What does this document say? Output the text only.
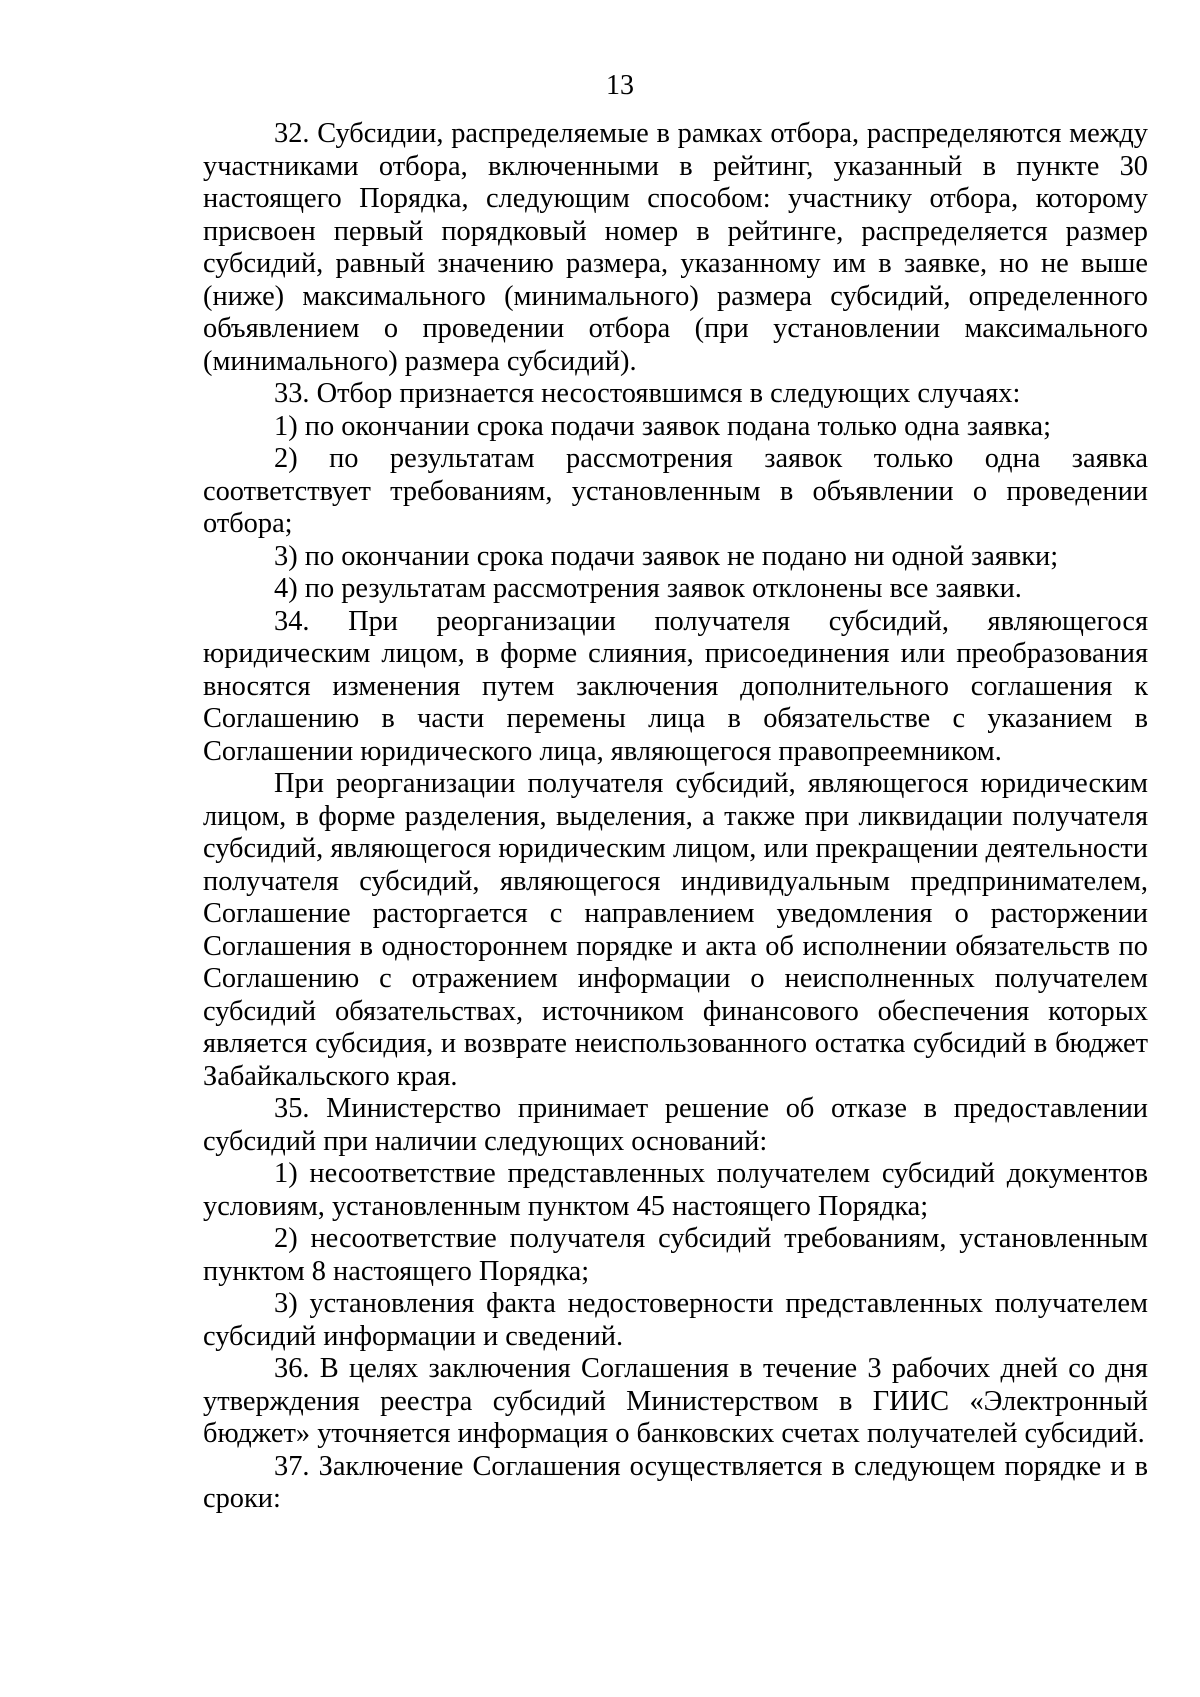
13

32. Субсидии, распределяемые в рамках отбора, распределяются между участниками отбора, включенными в рейтинг, указанный в пункте 30 настоящего Порядка, следующим способом: участнику отбора, которому присвоен первый порядковый номер в рейтинге, распределяется размер субсидий, равный значению размера, указанному им в заявке, но не выше (ниже) максимального (минимального) размера субсидий, определенного объявлением о проведении отбора (при установлении максимального (минимального) размера субсидий).

33. Отбор признается несостоявшимся в следующих случаях:

1) по окончании срока подачи заявок подана только одна заявка;

2) по результатам рассмотрения заявок только одна заявка соответствует требованиям, установленным в объявлении о проведении отбора;

3) по окончании срока подачи заявок не подано ни одной заявки;

4) по результатам рассмотрения заявок отклонены все заявки.

34. При реорганизации получателя субсидий, являющегося юридическим лицом, в форме слияния, присоединения или преобразования вносятся изменения путем заключения дополнительного соглашения к Соглашению в части перемены лица в обязательстве с указанием в Соглашении юридического лица, являющегося правопреемником.

При реорганизации получателя субсидий, являющегося юридическим лицом, в форме разделения, выделения, а также при ликвидации получателя субсидий, являющегося юридическим лицом, или прекращении деятельности получателя субсидий, являющегося индивидуальным предпринимателем, Соглашение расторгается с направлением уведомления о расторжении Соглашения в одностороннем порядке и акта об исполнении обязательств по Соглашению с отражением информации о неисполненных получателем субсидий обязательствах, источником финансового обеспечения которых является субсидия, и возврате неиспользованного остатка субсидий в бюджет Забайкальского края.

35. Министерство принимает решение об отказе в предоставлении субсидий при наличии следующих оснований:

1) несоответствие представленных получателем субсидий документов условиям, установленным пунктом 45 настоящего Порядка;

2) несоответствие получателя субсидий требованиям, установленным пунктом 8 настоящего Порядка;

3) установления факта недостоверности представленных получателем субсидий информации и сведений.

36. В целях заключения Соглашения в течение 3 рабочих дней со дня утверждения реестра субсидий Министерством в ГИИС «Электронный бюджет» уточняется информация о банковских счетах получателей субсидий.

37. Заключение Соглашения осуществляется в следующем порядке и в сроки:
